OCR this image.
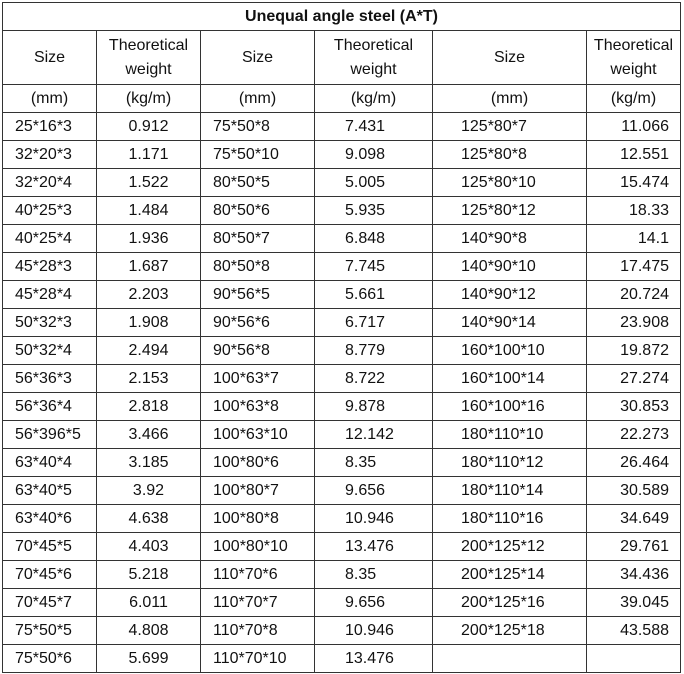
Unequal angle steel (A*T)					
Size	Theoretical weight	Size	Theoretical weight	Size	Theoretical weight
(mm)	(kg/m)	(mm)	(kg/m)	(mm)	(kg/m)
25*16*3	0.912	75*50*8	7.431	125*80*7	11.066
32*20*3	1.171	75*50*10	9.098	125*80*8	12.551
32*20*4	1.522	80*50*5	5.005	125*80*10	15.474
40*25*3	1.484	80*50*6	5.935	125*80*12	18.33
40*25*4	1.936	80*50*7	6.848	140*90*8	14.1
45*28*3	1.687	80*50*8	7.745	140*90*10	17.475
45*28*4	2.203	90*56*5	5.661	140*90*12	20.724
50*32*3	1.908	90*56*6	6.717	140*90*14	23.908
50*32*4	2.494	90*56*8	8.779	160*100*10	19.872
56*36*3	2.153	100*63*7	8.722	160*100*14	27.274
56*36*4	2.818	100*63*8	9.878	160*100*16	30.853
56*396*5	3.466	100*63*10	12.142	180*110*10	22.273
63*40*4	3.185	100*80*6	8.35	180*110*12	26.464
63*40*5	3.92	100*80*7	9.656	180*110*14	30.589
63*40*6	4.638	100*80*8	10.946	180*110*16	34.649
70*45*5	4.403	100*80*10	13.476	200*125*12	29.761
70*45*6	5.218	110*70*6	8.35	200*125*14	34.436
70*45*7	6.011	110*70*7	9.656	200*125*16	39.045
75*50*5	4.808	110*70*8	10.946	200*125*18	43.588
75*50*6	5.699	110*70*10	13.476		
